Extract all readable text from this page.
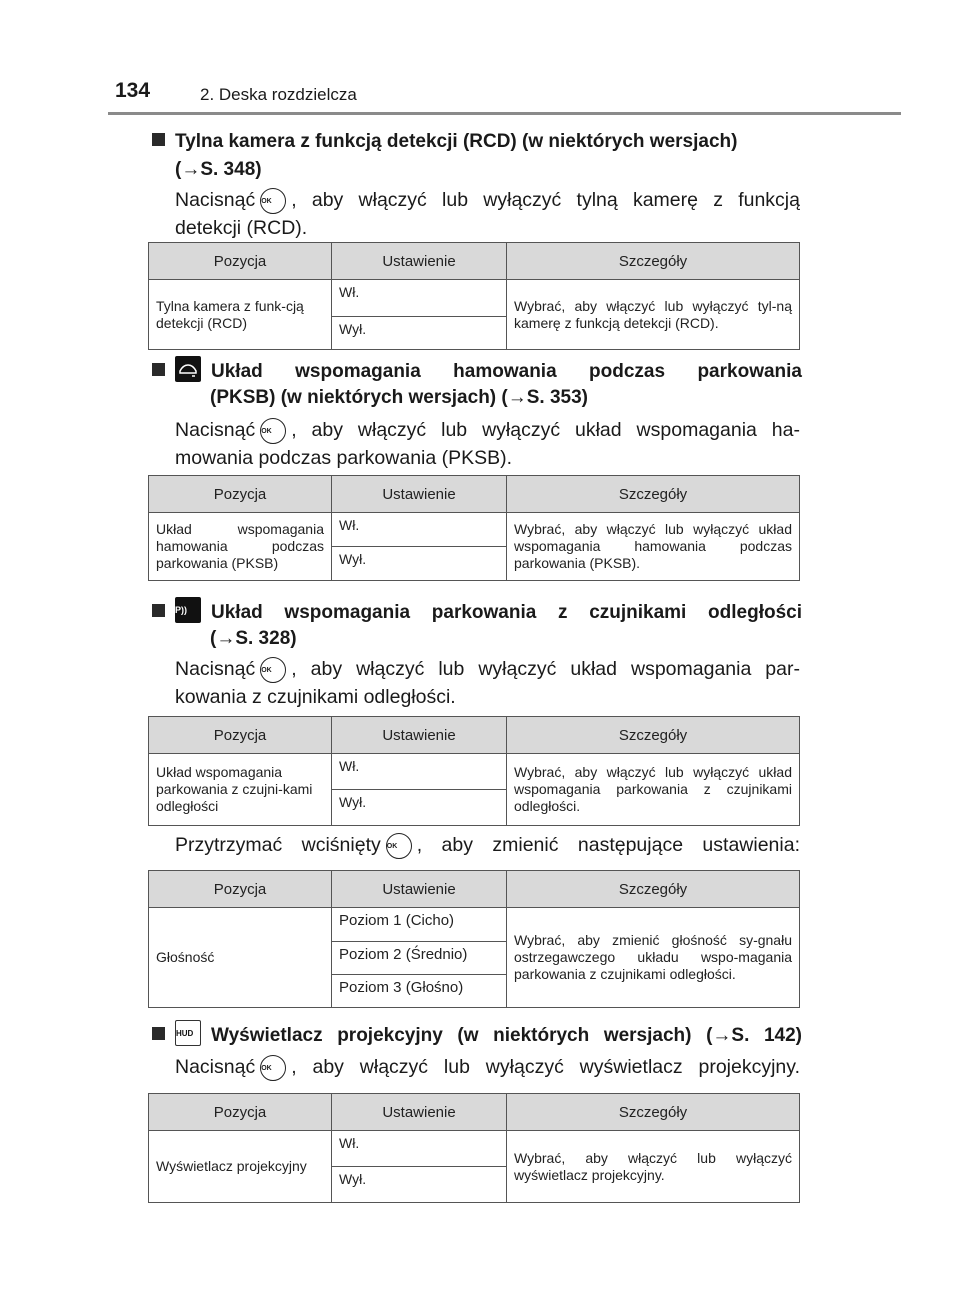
134	2. Deska rozdzielcza
Tylna kamera z funkcją detekcji (RCD) (w niektórych wersjach)
(→S. 348)
Nacisnąć OK , aby włączyć lub wyłączyć tylną kamerę z funkcją
detekcji (RCD).
Pozycja	Ustawienie	Szczegóły
Tylna kamera z funk-cją detekcji (RCD)	Wł.	Wybrać, aby włączyć lub wyłączyć tyl-ną kamerę z funkcją detekcji (RCD).
	Wył.	
Układ wspomagania hamowania podczas parkowania
(PKSB) (w niektórych wersjach) (→S. 353)
Nacisnąć OK , aby włączyć lub wyłączyć układ wspomagania ha-
mowania podczas parkowania (PKSB).
Pozycja	Ustawienie	Szczegóły
Układ wspomagania hamowania podczas parkowania (PKSB)	Wł.	Wybrać, aby włączyć lub wyłączyć układ wspomagania hamowania podczas parkowania (PKSB).
	Wył.	
P))	Układ wspomagania parkowania z czujnikami odległości
(→S. 328)
Nacisnąć OK , aby włączyć lub wyłączyć układ wspomagania par-
kowania z czujnikami odległości.
Pozycja	Ustawienie	Szczegóły
Układ wspomagania parkowania z czujni-kami odległości	Wł.	Wybrać, aby włączyć lub wyłączyć układ wspomagania parkowania z czujnikami odległości.
	Wył.	
Przytrzymać wciśnięty OK , aby zmienić następujące ustawienia:
Pozycja	Ustawienie	Szczegóły
Głośność	Poziom 1 (Cicho)	Wybrać, aby zmienić głośność sy-gnału ostrzegawczego układu wspo-magania parkowania z czujnikami odległości.
	Poziom 2 (Średnio)	
	Poziom 3 (Głośno)	
HUD Wyświetlacz projekcyjny (w niektórych wersjach) (→S. 142)
Nacisnąć OK , aby włączyć lub wyłączyć wyświetlacz projekcyjny.
Pozycja	Ustawienie	Szczegóły
Wyświetlacz projekcyjny	Wł.	Wybrać, aby włączyć lub wyłączyć wyświetlacz projekcyjny.
	Wył.	
